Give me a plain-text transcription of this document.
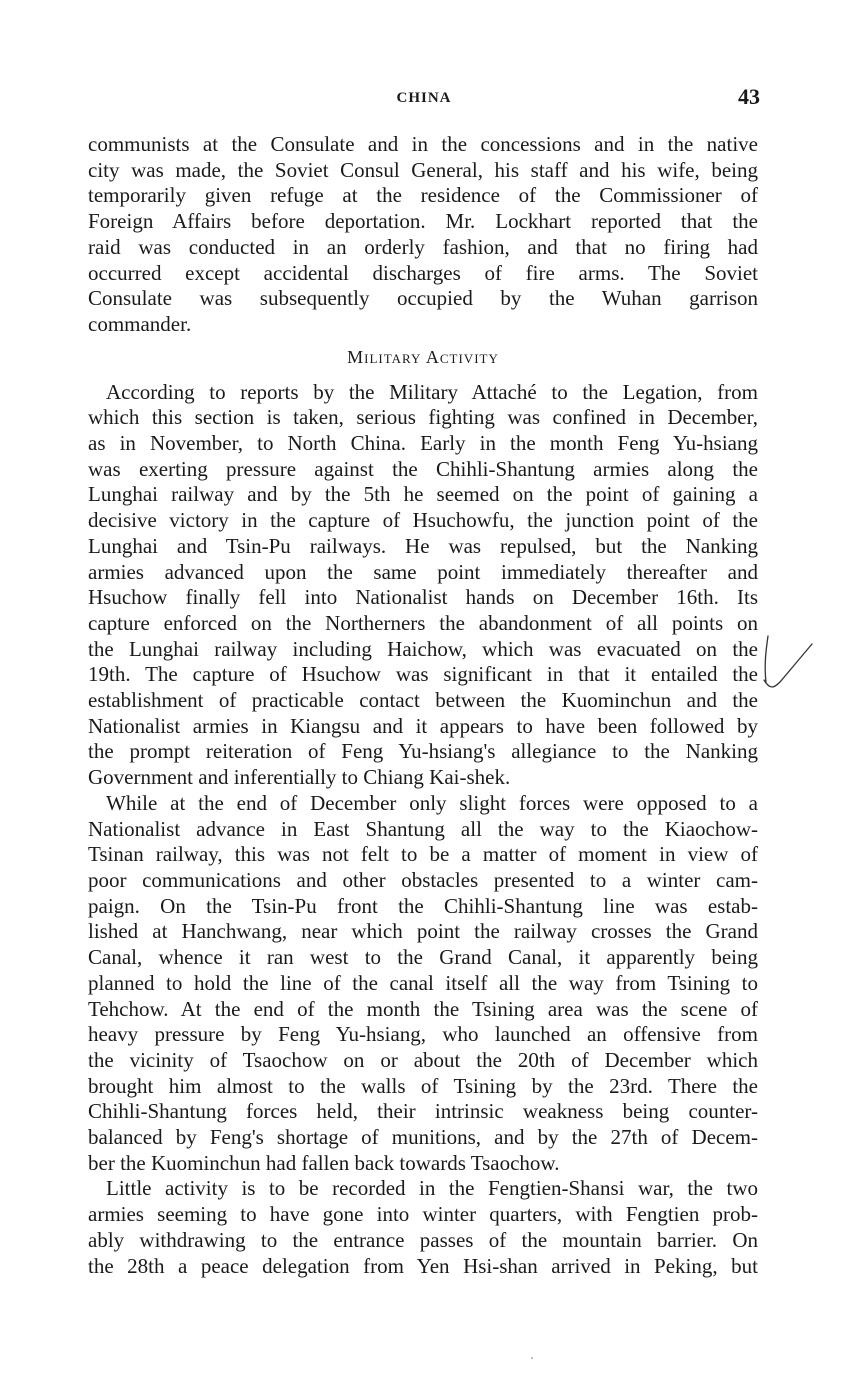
CHINA	43
communists at the Consulate and in the concessions and in the native
city was made, the Soviet Consul General, his staff and his wife, being
temporarily given refuge at the residence of the Commissioner of
Foreign Affairs before deportation. Mr. Lockhart reported that the
raid was conducted in an orderly fashion, and that no firing had
occurred except accidental discharges of fire arms. The Soviet
Consulate was subsequently occupied by the Wuhan garrison
commander.
Military Activity
According to reports by the Military Attaché to the Legation, from
which this section is taken, serious fighting was confined in December,
as in November, to North China. Early in the month Feng Yu-hsiang
was exerting pressure against the Chihli-Shantung armies along the
Lunghai railway and by the 5th he seemed on the point of gaining a
decisive victory in the capture of Hsuchowfu, the junction point of the
Lunghai and Tsin-Pu railways. He was repulsed, but the Nanking
armies advanced upon the same point immediately thereafter and
Hsuchow finally fell into Nationalist hands on December 16th. Its
capture enforced on the Northerners the abandonment of all points on
the Lunghai railway including Haichow, which was evacuated on the
19th. The capture of Hsuchow was significant in that it entailed the
establishment of practicable contact between the Kuominchun and the
Nationalist armies in Kiangsu and it appears to have been followed by
the prompt reiteration of Feng Yu-hsiang's allegiance to the Nanking
Government and inferentially to Chiang Kai-shek.
While at the end of December only slight forces were opposed to a
Nationalist advance in East Shantung all the way to the Kiaochow-
Tsinan railway, this was not felt to be a matter of moment in view of
poor communications and other obstacles presented to a winter cam-
paign. On the Tsin-Pu front the Chihli-Shantung line was estab-
lished at Hanchwang, near which point the railway crosses the Grand
Canal, whence it ran west to the Grand Canal, it apparently being
planned to hold the line of the canal itself all the way from Tsining to
Tehchow. At the end of the month the Tsining area was the scene of
heavy pressure by Feng Yu-hsiang, who launched an offensive from
the vicinity of Tsaochow on or about the 20th of December which
brought him almost to the walls of Tsining by the 23rd. There the
Chihli-Shantung forces held, their intrinsic weakness being counter-
balanced by Feng's shortage of munitions, and by the 27th of Decem-
ber the Kuominchun had fallen back towards Tsaochow.
Little activity is to be recorded in the Fengtien-Shansi war, the two
armies seeming to have gone into winter quarters, with Fengtien prob-
ably withdrawing to the entrance passes of the mountain barrier. On
the 28th a peace delegation from Yen Hsi-shan arrived in Peking, but
